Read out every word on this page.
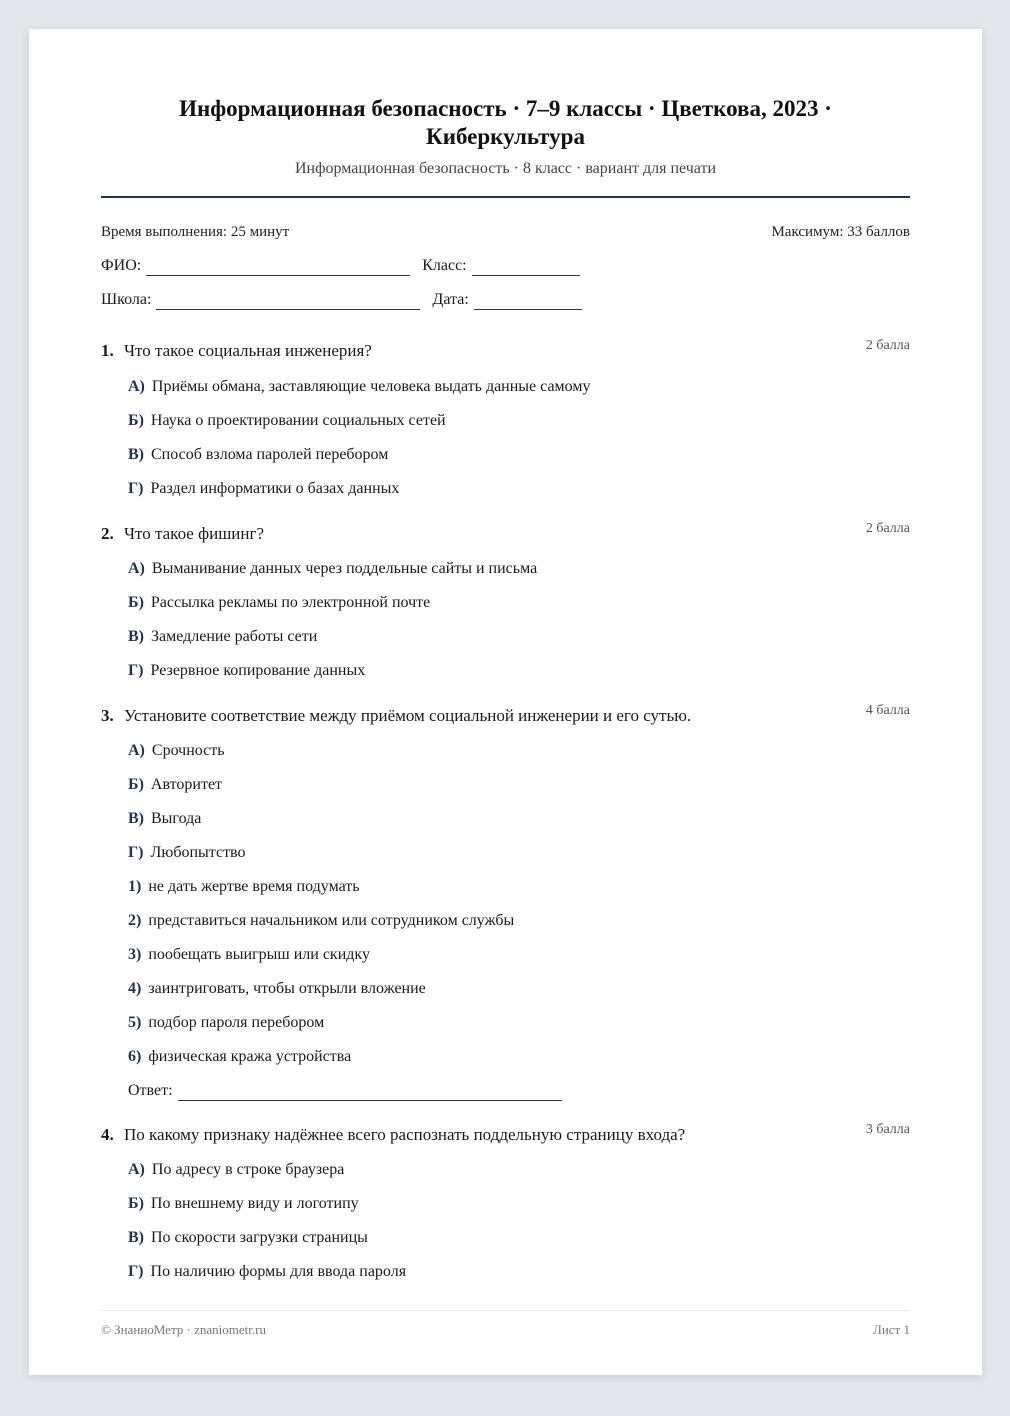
Информационная безопасность · 7–9 классы · Цветкова, 2023 · Киберкультура
Информационная безопасность · 8 класс · вариант для печати
Время выполнения: 25 минут	Максимум: 33 баллов
ФИО:	Класс:
Школа:	Дата:
1. Что такое социальная инженерия?	2 балла
А) Приёмы обмана, заставляющие человека выдать данные самому
Б) Наука о проектировании социальных сетей
В) Способ взлома паролей перебором
Г) Раздел информатики о базах данных
2. Что такое фишинг?	2 балла
А) Выманивание данных через поддельные сайты и письма
Б) Рассылка рекламы по электронной почте
В) Замедление работы сети
Г) Резервное копирование данных
3. Установите соответствие между приёмом социальной инженерии и его сутью.	4 балла
А) Срочность
Б) Авторитет
В) Выгода
Г) Любопытство
1) не дать жертве время подумать
2) представиться начальником или сотрудником службы
3) пообещать выигрыш или скидку
4) заинтриговать, чтобы открыли вложение
5) подбор пароля перебором
6) физическая кража устройства
Ответ:
4. По какому признаку надёжнее всего распознать поддельную страницу входа?	3 балла
А) По адресу в строке браузера
Б) По внешнему виду и логотипу
В) По скорости загрузки страницы
Г) По наличию формы для ввода пароля
© ЗнаниоМетр · znaniometr.ru	Лист 1
